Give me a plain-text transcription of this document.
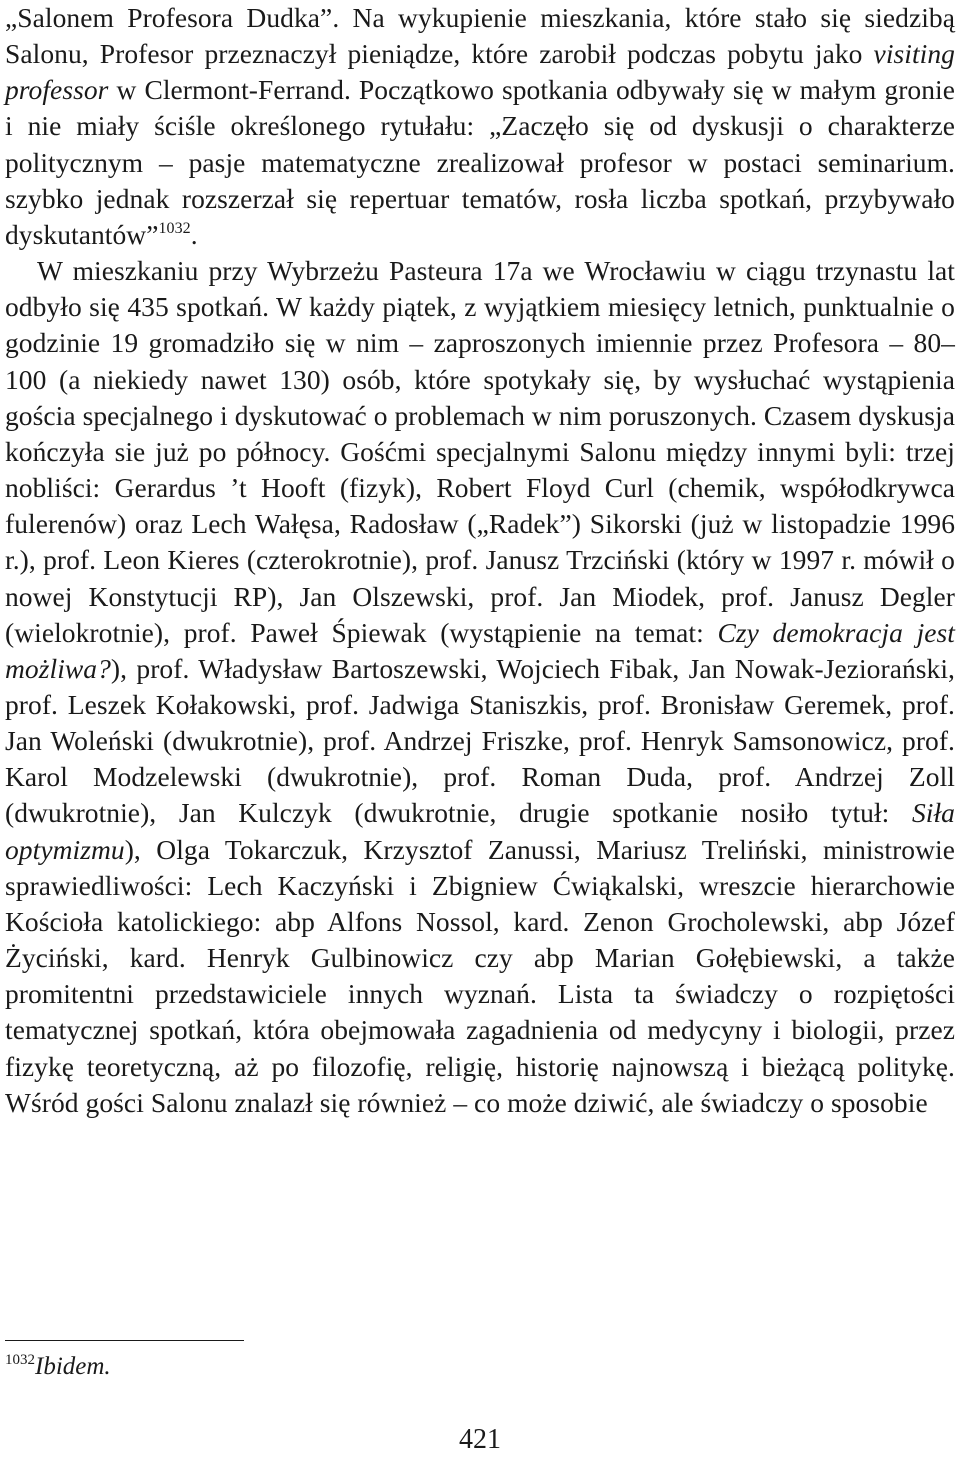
„Salonem Profesora Dudka”. Na wykupienie mieszkania, które stało się siedzibą Salonu, Profesor przeznaczył pieniądze, które zarobił podczas pobytu jako visiting professor w Clermont-Ferrand. Początkowo spotkania odbywały się w małym gronie i nie miały ściśle określonego rytułału: „Zaczęło się od dyskusji o charakterze politycznym – pasje matematyczne zrealizował profesor w postaci seminarium. szybko jednak rozszerzał się repertuar tematów, rosła liczba spotkań, przybywało dyskutantów”$^{1032}$.

W mieszkaniu przy Wybrzeżu Pasteura 17a we Wrocławiu w ciągu trzynastu lat odbyło się 435 spotkań. W każdy piątek, z wyjątkiem miesięcy letnich, punktualnie o godzinie 19 gromadziło się w nim – zaproszonych imiennie przez Profesora – 80–100 (a niekiedy nawet 130) osób, które spotykały się, by wysłuchać wystąpienia gościa specjalnego i dyskutować o problemach w nim poruszonych. Czasem dyskusja kończyła sie już po północy. Gośćmi specjalnymi Salonu między innymi byli: trzej nobliści: Gerardus ’t Hooft (fizyk), Robert Floyd Curl (chemik, współodkrywca fulerenów) oraz Lech Wałęsa, Radosław („Radek”) Sikorski (już w listopadzie 1996 r.), prof. Leon Kieres (czterokrotnie), prof. Janusz Trzciński (który w 1997 r. mówił o nowej Konstytucji RP), Jan Olszewski, prof. Jan Miodek, prof. Janusz Degler (wielokrotnie), prof. Paweł Śpiewak (wystąpienie na temat: Czy demokracja jest możliwa?), prof. Władysław Bartoszewski, Wojciech Fibak, Jan Nowak-Jeziorański, prof. Leszek Kołakowski, prof. Jadwiga Staniszkis, prof. Bronisław Geremek, prof. Jan Woleński (dwukrotnie), prof. Andrzej Friszke, prof. Henryk Samsonowicz, prof. Karol Modzelewski (dwukrotnie), prof. Roman Duda, prof. Andrzej Zoll (dwukrotnie), Jan Kulczyk (dwukrotnie, drugie spotkanie nosiło tytuł: Siła optymizmu), Olga Tokarczuk, Krzysztof Zanussi, Mariusz Treliński, ministrowie sprawiedliwości: Lech Kaczyński i Zbigniew Ćwiąkalski, wreszcie hierarchowie Kościoła katolickiego: abp Alfons Nossol, kard. Zenon Grocholewski, abp Józef Życiński, kard. Henryk Gulbinowicz czy abp Marian Gołębiewski, a także promitentni przedstawiciele innych wyznań. Lista ta świadczy o rozpiętości tematycznej spotkań, która obejmowała zagadnienia od medycyny i biologii, przez fizykę teoretyczną, aż po filozofię, religię, historię najnowszą i bieżącą politykę. Wśród gości Salonu znalazł się również – co może dziwić, ale świadczy o sposobie

$^{1032}$Ibidem.
421
